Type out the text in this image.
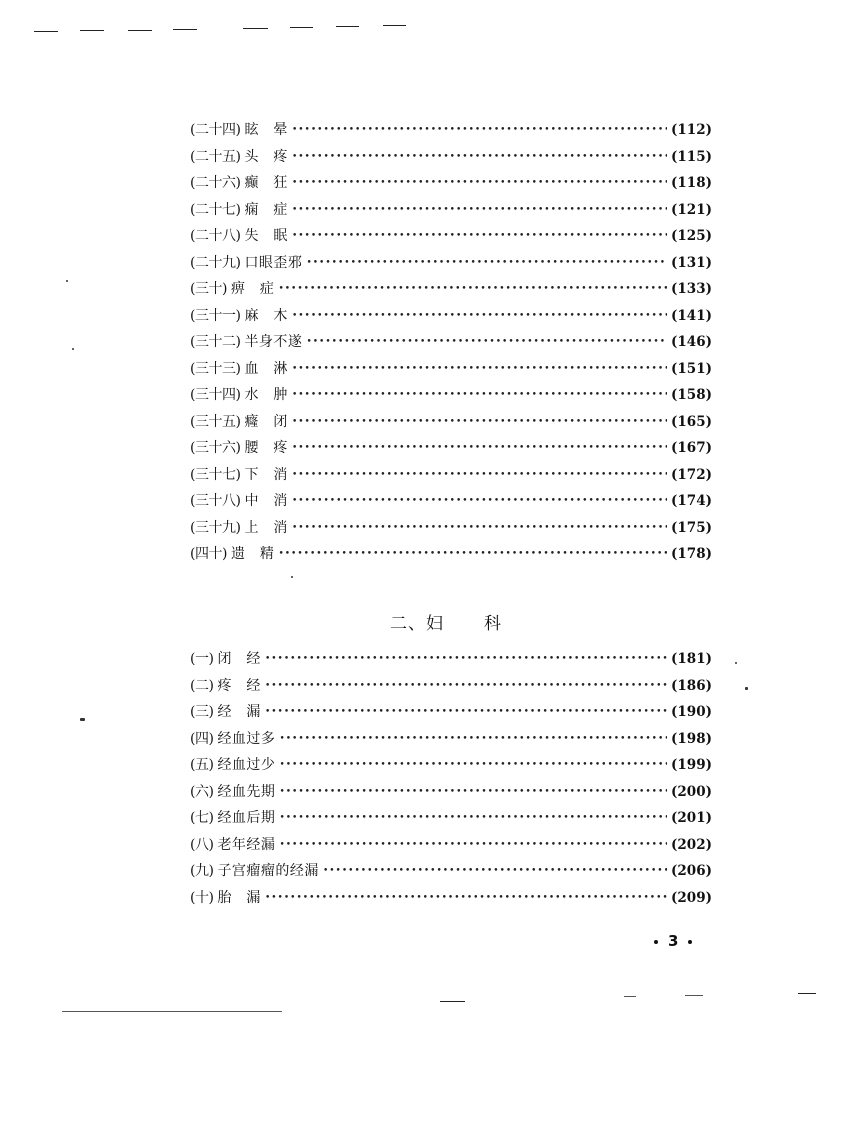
(二十四) 眩　晕 •••••	(112)
(二十五) 头　疼 •••••	(115)
(二十六) 癫　狂 •••••	(118)
(二十七) 痫　症 •••••	(121)
(二十八) 失　眠 •••••	(125)
(二十九) 口眼歪邪 •••••	(131)
(三十) 痹　症 •••••	(133)
(三十一) 麻　木 •••••	(141)
(三十二) 半身不遂 •••••	(146)
(三十三) 血　淋 •••••	(151)
(三十四) 水　肿 •••••	(158)
(三十五) 癃　闭 •••••	(165)
(三十六) 腰　疼 •••••	(167)
(三十七) 下　消 •••••	(172)
(三十八) 中　消 •••••	(174)
(三十九) 上　消 •••••	(175)
(四十) 遗　精 •••••	(178)
二、妇 科
(一) 闭　经 •••••	(181)
(二) 疼　经 •••••	(186)
(三) 经　漏 •••••	(190)
(四) 经血过多 •••••	(198)
(五) 经血过少 •••••	(199)
(六) 经血先期 •••••	(200)
(七) 经血后期 •••••	(201)
(八) 老年经漏 •••••	(202)
(九) 子宫瘤瘤的经漏 •••••	(206)
(十) 胎　漏 •••••	(209)
3
